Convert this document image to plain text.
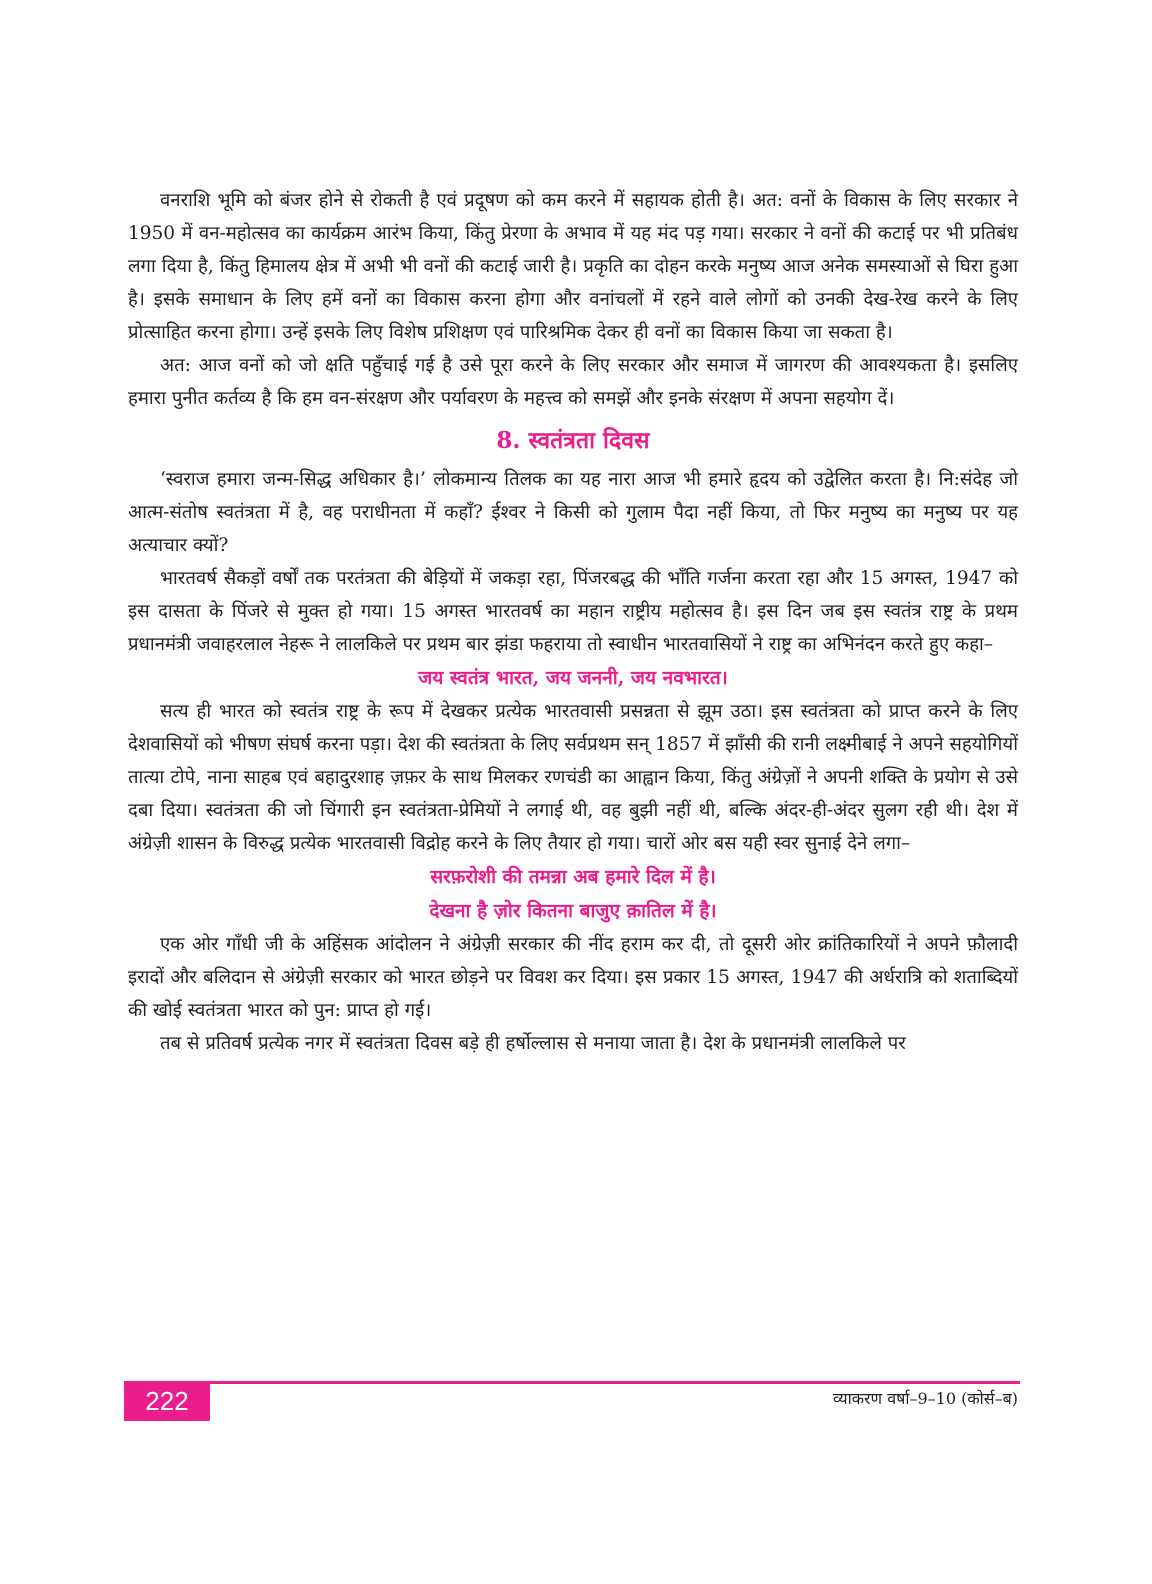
वनराशि भूमि को बंजर होने से रोकती है एवं प्रदूषण को कम करने में सहायक होती है। अत: वनों के विकास के लिए सरकार ने 1950 में वन-महोत्सव का कार्यक्रम आरंभ किया, किंतु प्रेरणा के अभाव में यह मंद पड़ गया। सरकार ने वनों की कटाई पर भी प्रतिबंध लगा दिया है, किंतु हिमालय क्षेत्र में अभी भी वनों की कटाई जारी है। प्रकृति का दोहन करके मनुष्य आज अनेक समस्याओं से घिरा हुआ है। इसके समाधान के लिए हमें वनों का विकास करना होगा और वनांचलों में रहने वाले लोगों को उनकी देख-रेख करने के लिए प्रोत्साहित करना होगा। उन्हें इसके लिए विशेष प्रशिक्षण एवं पारिश्रमिक देकर ही वनों का विकास किया जा सकता है।

अत: आज वनों को जो क्षति पहुँचाई गई है उसे पूरा करने के लिए सरकार और समाज में जागरण की आवश्यकता है। इसलिए हमारा पुनीत कर्तव्य है कि हम वन-संरक्षण और पर्यावरण के महत्त्व को समझें और इनके संरक्षण में अपना सहयोग दें।

8. स्वतंत्रता दिवस

‘स्वराज हमारा जन्म-सिद्ध अधिकार है।’ लोकमान्य तिलक का यह नारा आज भी हमारे हृदय को उद्वेलित करता है। नि:संदेह जो आत्म-संतोष स्वतंत्रता में है, वह पराधीनता में कहाँ? ईश्वर ने किसी को गुलाम पैदा नहीं किया, तो फिर मनुष्य का मनुष्य पर यह अत्याचार क्यों?

भारतवर्ष सैकड़ों वर्षों तक परतंत्रता की बेड़ियों में जकड़ा रहा, पिंजरबद्ध की भाँति गर्जना करता रहा और 15 अगस्त, 1947 को इस दासता के पिंजरे से मुक्त हो गया। 15 अगस्त भारतवर्ष का महान राष्ट्रीय महोत्सव है। इस दिन जब इस स्वतंत्र राष्ट्र के प्रथम प्रधानमंत्री जवाहरलाल नेहरू ने लालकिले पर प्रथम बार झंडा फहराया तो स्वाधीन भारतवासियों ने राष्ट्र का अभिनंदन करते हुए कहा–

जय स्वतंत्र भारत, जय जननी, जय नवभारत।

सत्य ही भारत को स्वतंत्र राष्ट्र के रूप में देखकर प्रत्येक भारतवासी प्रसन्नता से झूम उठा। इस स्वतंत्रता को प्राप्त करने के लिए देशवासियों को भीषण संघर्ष करना पड़ा। देश की स्वतंत्रता के लिए सर्वप्रथम सन् 1857 में झाँसी की रानी लक्ष्मीबाई ने अपने सहयोगियों तात्या टोपे, नाना साहब एवं बहादुरशाह ज़फ़र के साथ मिलकर रणचंडी का आह्वान किया, किंतु अंग्रेज़ों ने अपनी शक्ति के प्रयोग से उसे दबा दिया। स्वतंत्रता की जो चिंगारी इन स्वतंत्रता-प्रेमियों ने लगाई थी, वह बुझी नहीं थी, बल्कि अंदर-ही-अंदर सुलग रही थी। देश में अंग्रेज़ी शासन के विरुद्ध प्रत्येक भारतवासी विद्रोह करने के लिए तैयार हो गया। चारों ओर बस यही स्वर सुनाई देने लगा–

सरफ़रोशी की तमन्ना अब हमारे दिल में है।

देखना है ज़ोर कितना बाजुए क़ातिल में है।

एक ओर गाँधी जी के अहिंसक आंदोलन ने अंग्रेज़ी सरकार की नींद हराम कर दी, तो दूसरी ओर क्रांतिकारियों ने अपने फ़ौलादी इरादों और बलिदान से अंग्रेज़ी सरकार को भारत छोड़ने पर विवश कर दिया। इस प्रकार 15 अगस्त, 1947 की अर्धरात्रि को शताब्दियों की खोई स्वतंत्रता भारत को पुन: प्राप्त हो गई।

तब से प्रतिवर्ष प्रत्येक नगर में स्वतंत्रता दिवस बड़े ही हर्षोल्लास से मनाया जाता है। देश के प्रधानमंत्री लालकिले पर

222	व्याकरण वर्षा–9–10 (कोर्स–ब)
